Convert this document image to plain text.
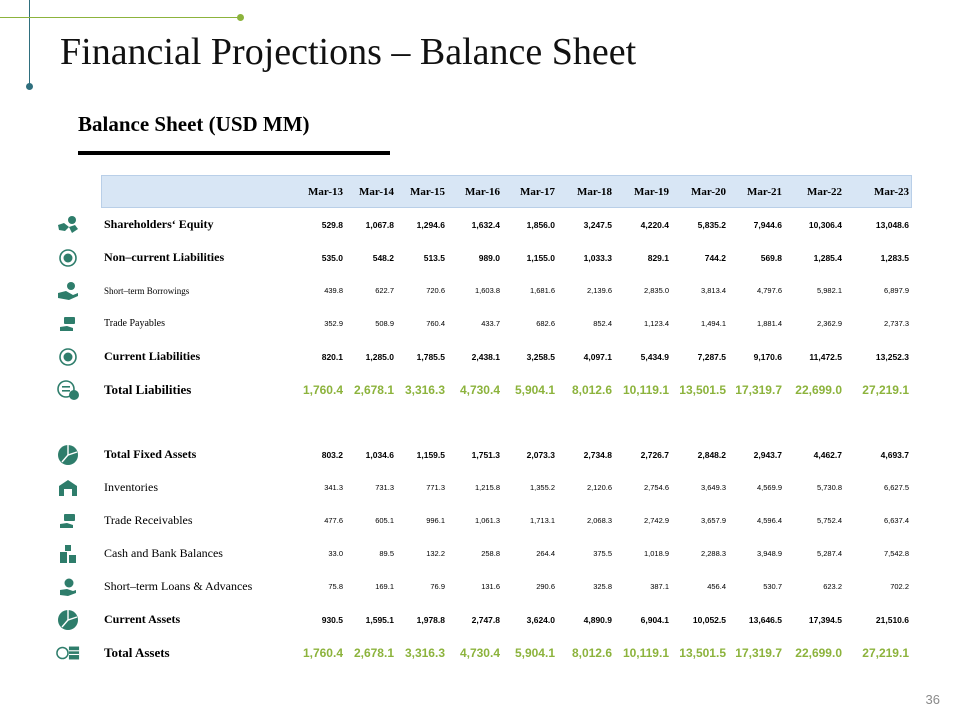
Financial Projections – Balance Sheet
Balance Sheet (USD MM)
	Mar-13	Mar-14	Mar-15	Mar-16	Mar-17	Mar-18	Mar-19	Mar-20	Mar-21	Mar-22	Mar-23
Shareholders‘ Equity	529.8	1,067.8	1,294.6	1,632.4	1,856.0	3,247.5	4,220.4	5,835.2	7,944.6	10,306.4	13,048.6
Non–current Liabilities	535.0	548.2	513.5	989.0	1,155.0	1,033.3	829.1	744.2	569.8	1,285.4	1,283.5
Short–term Borrowings	439.8	622.7	720.6	1,603.8	1,681.6	2,139.6	2,835.0	3,813.4	4,797.6	5,982.1	6,897.9
Trade Payables	352.9	508.9	760.4	433.7	682.6	852.4	1,123.4	1,494.1	1,881.4	2,362.9	2,737.3
Current Liabilities	820.1	1,285.0	1,785.5	2,438.1	3,258.5	4,097.1	5,434.9	7,287.5	9,170.6	11,472.5	13,252.3
Total Liabilities	1,760.4	2,678.1	3,316.3	4,730.4	5,904.1	8,012.6	10,119.1	13,501.5	17,319.7	22,699.0	27,219.1

Total Fixed Assets	803.2	1,034.6	1,159.5	1,751.3	2,073.3	2,734.8	2,726.7	2,848.2	2,943.7	4,462.7	4,693.7
Inventories	341.3	731.3	771.3	1,215.8	1,355.2	2,120.6	2,754.6	3,649.3	4,569.9	5,730.8	6,627.5
Trade Receivables	477.6	605.1	996.1	1,061.3	1,713.1	2,068.3	2,742.9	3,657.9	4,596.4	5,752.4	6,637.4
Cash and Bank Balances	33.0	89.5	132.2	258.8	264.4	375.5	1,018.9	2,288.3	3,948.9	5,287.4	7,542.8
Short–term Loans & Advances	75.8	169.1	76.9	131.6	290.6	325.8	387.1	456.4	530.7	623.2	702.2
Current Assets	930.5	1,595.1	1,978.8	2,747.8	3,624.0	4,890.9	6,904.1	10,052.5	13,646.5	17,394.5	21,510.6
Total Assets	1,760.4	2,678.1	3,316.3	4,730.4	5,904.1	8,012.6	10,119.1	13,501.5	17,319.7	22,699.0	27,219.1
36
